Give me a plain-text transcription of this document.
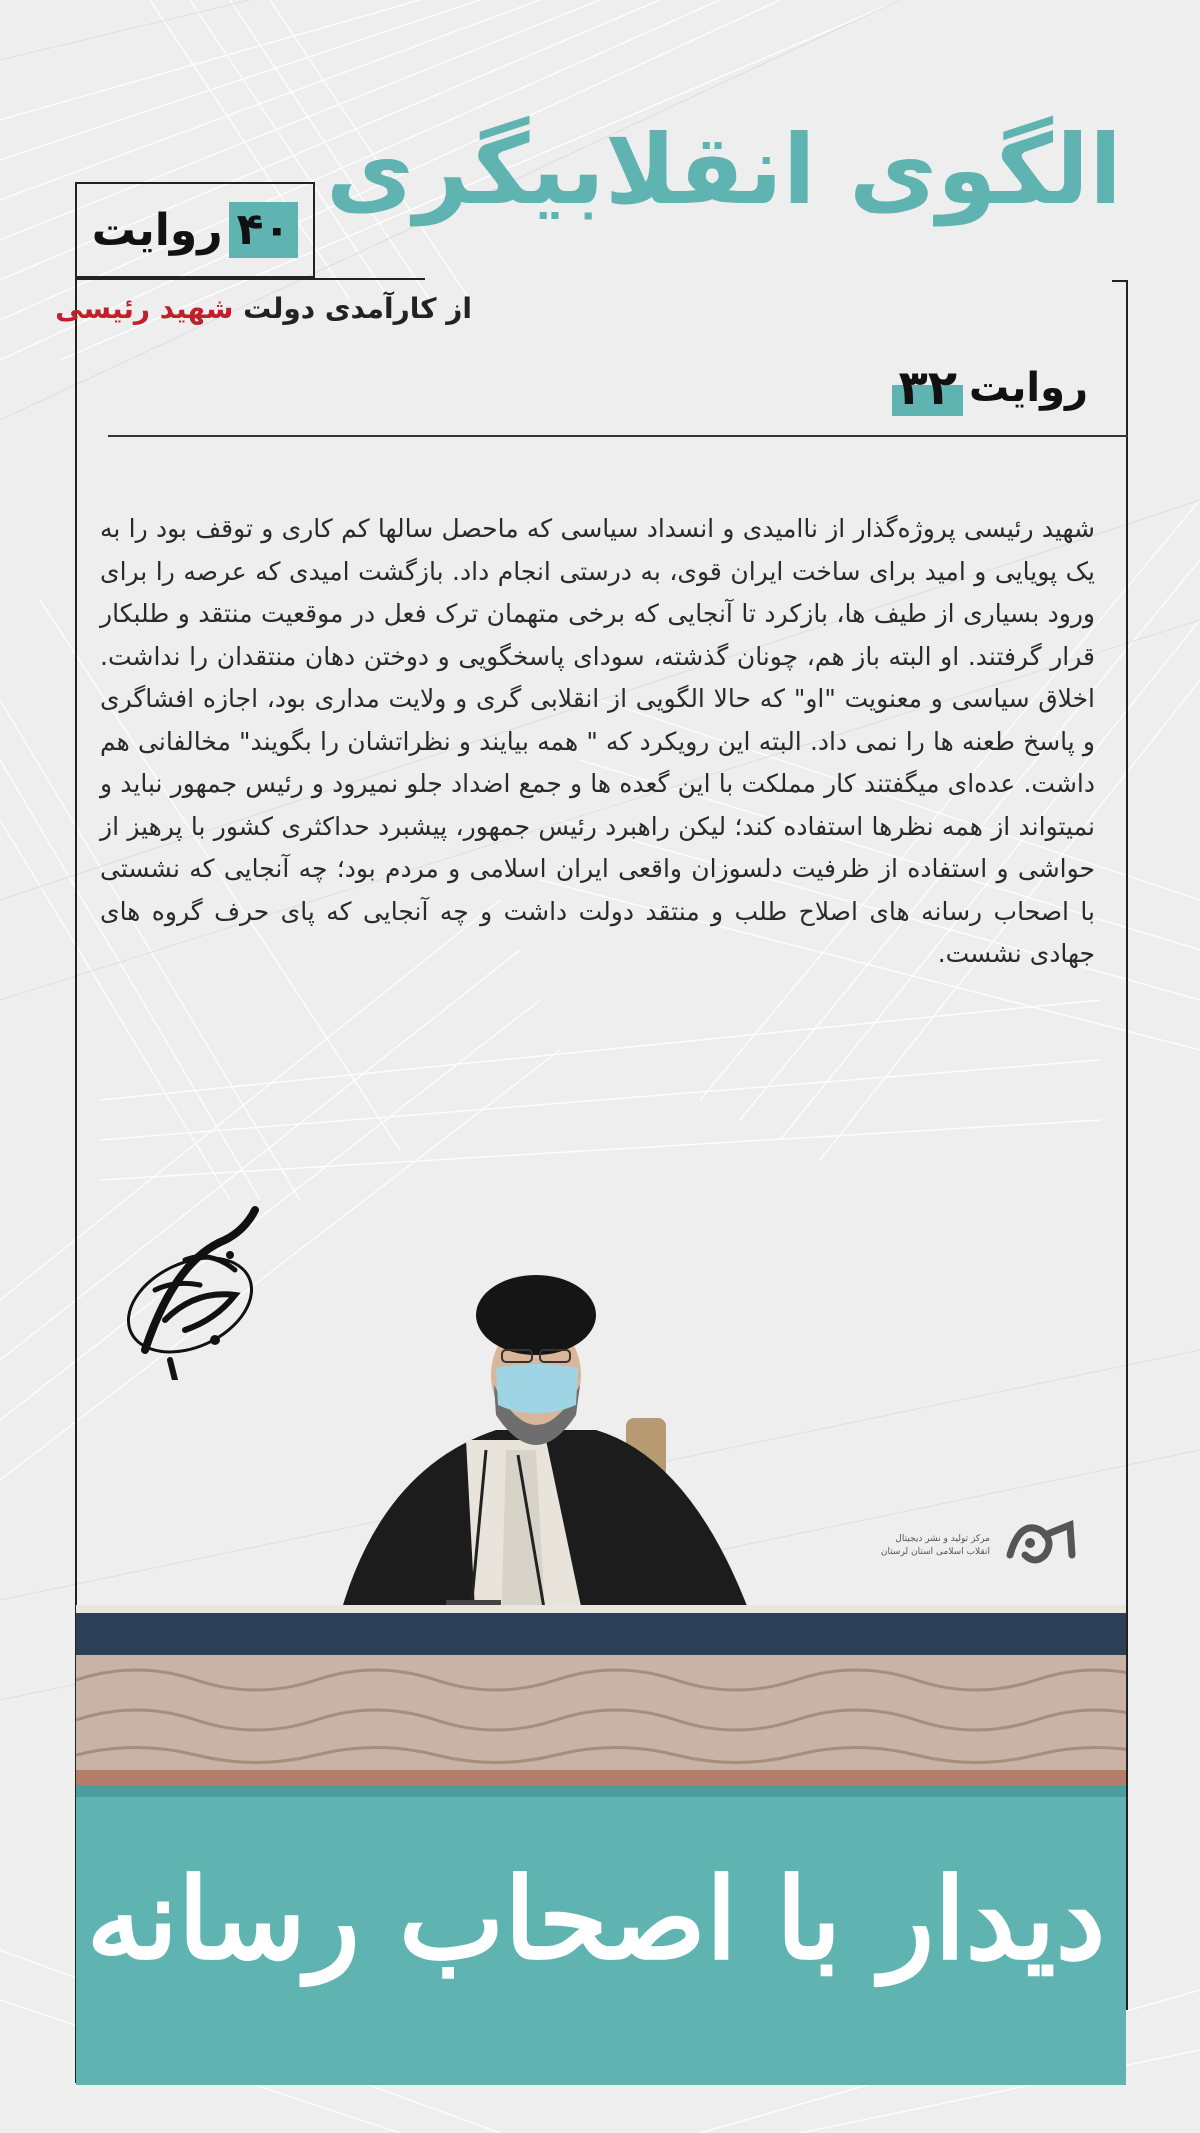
الگوی انقلابیگری
۴۰
روایت
از کارآمدی دولت شهید رئیسی
روایت
۳۲

شهید رئیسی پروژه‌گذار از ناامیدی و انسداد سیاسی که ماحصل سالها کم کاری و توقف بود را به یک پویایی و امید برای ساخت ایران قوی، به درستی انجام داد. بازگشت امیدی که عرصه را برای ورود بسیاری از طیف ها، بازکرد تا آنجایی که برخی متهمان ترک فعل در موقعیت منتقد و طلبکار قرار گرفتند. او البته باز هم، چونان گذشته، سودای پاسخگویی و دوختن دهان منتقدان را نداشت. اخلاق سیاسی و معنویت "او" که حالا الگویی از انقلابی گری و ولایت مداری بود، اجازه افشاگری و پاسخ طعنه ها را نمی داد. البته این رویکرد که " همه بیایند و نظراتشان را بگویند" مخالفانی هم داشت. عده‌ای میگفتند کار مملکت با این گعده ها و جمع اضداد جلو نمیرود و رئیس جمهور نباید و نمیتواند از همه نظرها استفاده کند؛ لیکن راهبرد رئیس جمهور، پیشبرد حداکثری کشور با پرهیز از حواشی و استفاده از ظرفیت دلسوزان واقعی ایران اسلامی و مردم بود؛ چه آنجایی که نشستی با اصحاب رسانه های اصلاح طلب و منتقد دولت داشت و چه آنجایی که پای حرف گروه های جهادی نشست.

دیدار با اصحاب رسانه
مرکز تولید و نشر دیجیتال
انقلاب اسلامی استان لرستان
